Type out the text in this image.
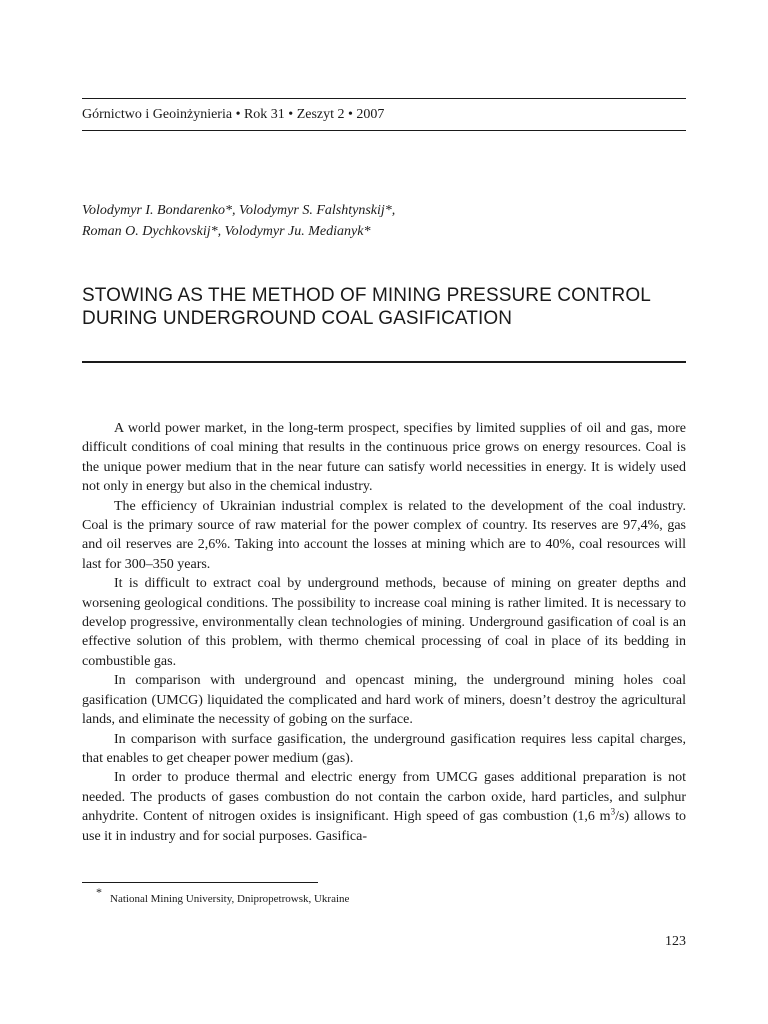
Górnictwo i Geoinżynieria • Rok 31 • Zeszyt 2 • 2007
Volodymyr I. Bondarenko*, Volodymyr S. Falshtynskij*,
Roman O. Dychkovskij*, Volodymyr Ju. Medianyk*
STOWING AS THE METHOD OF MINING PRESSURE CONTROL
DURING UNDERGROUND COAL GASIFICATION

A world power market, in the long-term prospect, specifies by limited supplies of oil and gas, more difficult conditions of coal mining that results in the continuous price grows on energy resources. Coal is the unique power medium that in the near future can satisfy world necessities in energy. It is widely used not only in energy but also in the chemical industry.

The efficiency of Ukrainian industrial complex is related to the development of the coal industry. Coal is the primary source of raw material for the power complex of country. Its reserves are 97,4%, gas and oil reserves are 2,6%. Taking into account the losses at mining which are to 40%, coal resources will last for 300–350 years.

It is difficult to extract coal by underground methods, because of mining on greater depths and worsening geological conditions. The possibility to increase coal mining is rather limited. It is necessary to develop progressive, environmentally clean technologies of mining. Underground gasification of coal is an effective solution of this problem, with thermo chemical processing of coal in place of its bedding in combustible gas.

In comparison with underground and opencast mining, the underground mining holes coal gasification (UMCG) liquidated the complicated and hard work of miners, doesn’t destroy the agricultural lands, and eliminate the necessity of gobing on the surface.

In comparison with surface gasification, the underground gasification requires less capital charges, that enables to get cheaper power medium (gas).

In order to produce thermal and electric energy from UMCG gases additional preparation is not needed. The products of gases combustion do not contain the carbon oxide, hard particles, and sulphur anhydrite. Content of nitrogen oxides is insignificant. High speed of gas combustion (1,6 $m^3/s$) allows to use it in industry and for social purposes. Gasifica-

* National Mining University, Dnipropetrowsk, Ukraine
123
